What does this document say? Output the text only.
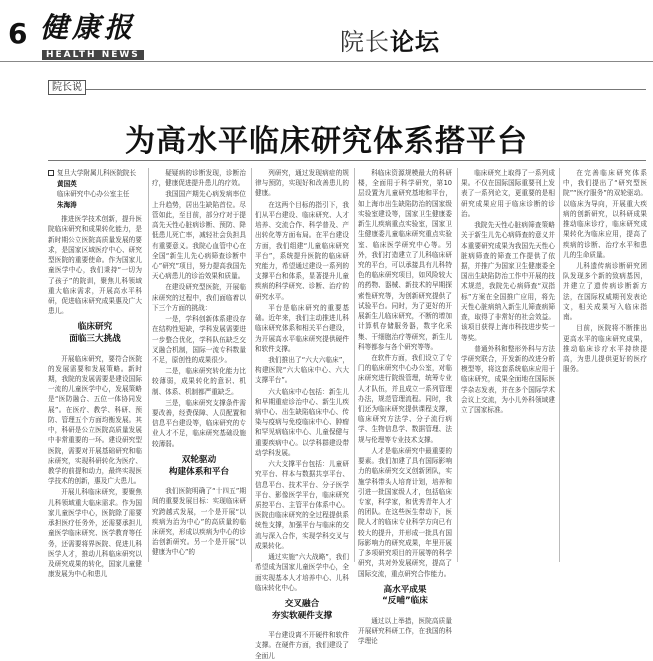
6 健康报
HEALTH NEWS	院长论坛
院长说
为高水平临床研究体系搭平台
复旦大学附属儿科医院院长
黄国英
临床研究中心办公室主任
朱海涛

推进医学技术创新，提升医院临床研究和成果转化能力，是新时期公立医院高质量发展的要求，是国家区域医疗中心、研究型医院的重要使命。作为国家儿童医学中心，我们秉持“一切为了孩子”的院训，聚焦儿科领域重大临床需求，开展高水平科研，促进临床研究成果惠及广大患儿。

临床研究
面临三大挑战

开展临床研究，要符合医院的发展需要和发展策略。新时期，我院的发展需要是建设国际一流的儿童医学中心，发展策略是“医防融合、五位一体协同发展”。在医疗、教学、科研、预防、管理五个方面均衡发展。其中，科研是公立医院高质量发展中非常重要的一环。建设研究型医院，需要对开展基础研究和临床研究，实现科研转化为医疗、教学的前提和动力，最终实现医学技术的创新，惠及广大患儿。

开展儿科临床研究，要聚焦儿科领域重大临床需求。作为国家儿童医学中心，医院除了需要承担医疗任务外，还需要承担儿童医学临床研究、医学教育等任务，还需要将界医院、促进儿科医学人才，推动儿科临床研究以及研究成果的转化，国家儿童健康发展为中心和患儿

疑疑病的诊断发现，诊断治疗，健康促进提升患儿的疗效。

我国国产期先心病发病率位上升趋势，居出生缺陷首位。尽管如此，至目前，部分疗对于提高先天性心脏病诊断、预防、降低患儿死亡率，减轻社会负担具有重要意义。我院心血管中心在全国“新生儿先心病筛查诊断中心”研究”项目，努力提高我国先天心病患儿的诊治效果和质量。

在建设研究型医院，开展临床研究的过程中，我们面临着以下三个方面的挑战：

一是，学科创新体系建设存在结构性短缺，学科发展需要进一步整合优化，学科队伍缺乏交叉融合机制，国际一流专科数量不足，原创性的成果很少。

二是，临床研究转化能力比较薄弱，成果转化的意识、机制、体系、机制都严重缺乏。

三是，临床研究支撑条件需要改善，经费保障、人员配置和信息平台建设等，临床研究的专业人才不足，临床研究基础设施较薄弱。

双轮驱动
构建体系和平台

我们医院明确了“十四五”期间的重要发展目标：实现临床研究跨越式发展，一个是开展“以疾病为治为中心”的高质量的临床研究，形成以疾病为中心的诊治创新研究。另一个是开展“以健康为中心”的

列研究，通过发现病症的规律与预防，实现好和改善患儿的健康。

在这两个目标的指引下，我们从平台建设、临床研究、人才培养、交流合作、科学普及、产出转化等方面布局。在平台建设方面，我们组建“儿童临床研究平台”，系统提升医院的临床研究能力，希望通过建设一系列的支撑平台和体系，显著提升儿童疾病的科学研究、诊断、治疗的研究水平。

平台是临床研究的重要基础。近年来，我们主动推进儿科临床研究体系和相关平台建设，为开展高水平临床研究提供硬件和软件支撑。

我们推出了“六大六临床”，构建医院“六大临床中心、六大支撑平台”。

六大临床中心包括：新生儿和早期重症诊治中心、新生儿疾病中心、出生缺陷临床中心、传染与疫病与免疫临床中心、肿瘤和罕见病临床中心、儿童保健与重要疾病中心。以学科群建设带动学科发展。

六大支撑平台包括：儿童研究平台、样本与数据共享平台、信息平台、技术平台、分子医学平台、影像医学平台，临床研究质控平台、主管平台体系中心。医院由临床研究的全过程提供系统性支撑，加强平台与临床的交流与深入合作，实现学科交叉与成果转化。

通过实施“六大战略”，我们希望成为国家儿童医学中心，全面实现基本人才培养中心、儿科临床转化中心。

交叉融合
夯实软硬件支撑

平台建设离不开硬件和软件支撑。在硬件方面，我们建设了全面儿

科临床资源规模最大的科研楼，全面用于科学研究，第10层设置为儿童研究基地和平台，如上海市出生缺陷防治的国家级实验室建设等，国家卫生健康委新生儿疾病重点实验室，国家卫生健康委儿童临床研究重点实验室、临床医学研究中心等。另外，我们打造建立了儿科临床研究的平台，可以承接具有儿科特色的临床研究项目，如风险较大的药物、器械、新技术的早期探索性研究等，为创新研究提供了试验平台。同时，为了更好的开展新生儿临床研究，不断的增加计算机存储服务器，数字化采集、干细胞治疗等研究，新生儿科等都参与各个研究等等。

在软件方面，我们设立了专门的临床研究中心办公室，对临床研究进行院级管理，统筹专业人才队伍，并且成立一系列管理办法，规范管理流程。同时，我们还为临床研究提供课程支撑，临床研究方法学、分子流行病学、生物信息学、数据管理、法规与伦理等专业技术支撑。

人才是临床研究中最重要的要素。我们加建了具有国际影响力的临床研究交叉创新团队，实施学科带头人培育计划，培养和引进一批国家级人才，包括临床专家，科学家，和优秀青年人才的团队。在这些医生带动下，医院人才的临床专业科学方向已有较大的提升，并形成一批具有国际影响力的研究成果，年里开展了多项研究项目的开展等的科学研究，共对外发展研究，提高了国际交流，重点研究合作能力。

高水平成果
“反哺”临床

通过以上举措，医院高质量开展研究科研工作，在我国的科学理论

临床研究上取得了一系列成果。不仅在国际国际重要刊上发表了一系列论文，更重要的是相研究成果应用于临床诊断的诊治。

我院先天性心脏病筛查策略关于新生儿先心病筛查的意义并本重要研究成果为我国先天性心脏病筛查的筛查工作提供了依据，并推广为国家卫生健康委全国出生缺陷防治工作中开展的技术规范，我院先心病筛查“双指标”方案在全国推广应用，将先天性心脏病纳入新生儿筛查病筛查，取得了非常好的社会效益。该项目获得上海市科技进步奖一等奖。

普通外科和整形外科与方法学研究联合，开发新的改进分析模型等，将这套系统临床应用于临床研究，成果全面地在国际医学杂志发表，并在多个国际学术会议上交流，为小儿外科领域建立了国家标准。

在完善临床研究体系中，我们提出了“研究型医院”“医疗服务”的双轮驱动。以临床为导向，开展重大疾病的创新研究，以科研成果推动临床诊疗，临床研究成果转化为临床应用，提高了疾病的诊断、治疗水平和患儿的生命质量。

儿科遗传病诊断研究团队发现多个新的致病基因，并建立了遗传病诊断新方法，在国际权威期刊发表论文，相关成果写入临床指南。

目前，医院将不断推出更高水平的临床研究成果，推动临床诊疗水平持续提高，为患儿提供更好的医疗服务。
